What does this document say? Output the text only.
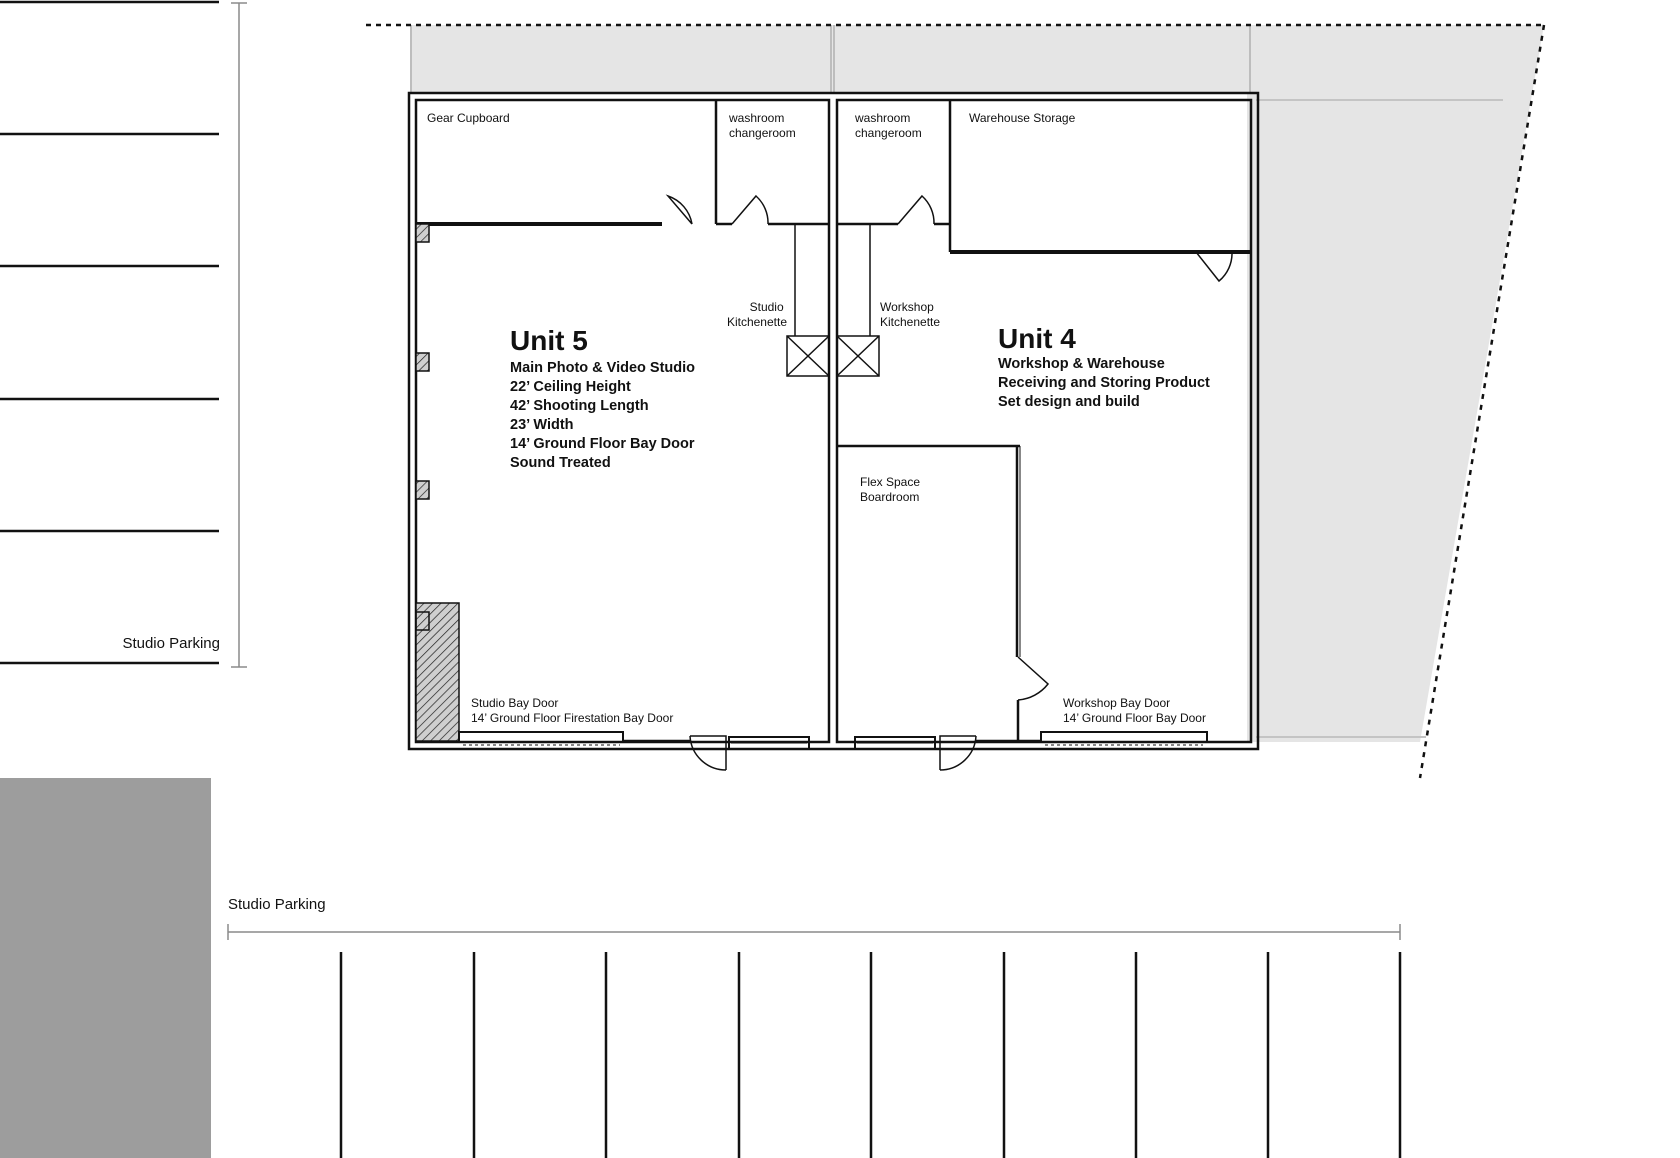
Studio Parking
Studio Parking
Gear Cupboard	washroom changeroom
Studio Kitchenette
Unit 5
Main Photo & Video Studio 22’ Ceiling Height 42’ Shooting Length 23’ Width 14’ Ground Floor Bay Door Sound Treated
Studio Bay Door 14’ Ground Floor Firestation Bay Door
washroom changeroom
Warehouse Storage
Workshop Kitchenette
Unit 4
Workshop & Warehouse Receiving and Storing Product Set design and build
Flex Space Boardroom
Workshop Bay Door 14’ Ground Floor Bay Door
